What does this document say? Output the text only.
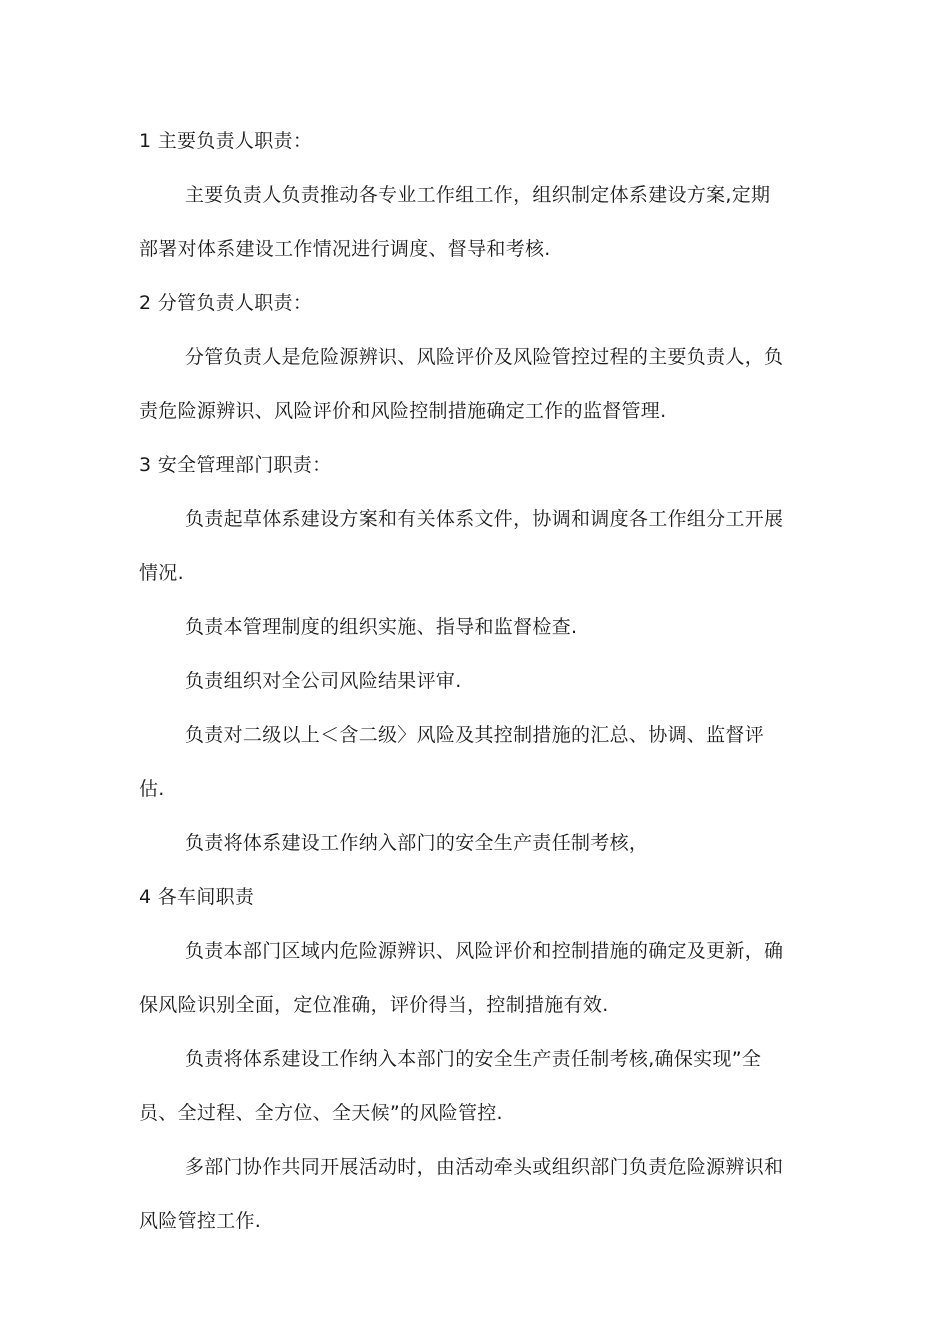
1 主要负责人职责：
主要负责人负责推动各专业工作组工作，组织制定体系建设方案,定期
部署对体系建设工作情况进行调度、督导和考核.
2 分管负责人职责：
分管负责人是危险源辨识、风险评价及风险管控过程的主要负责人，负
责危险源辨识、风险评价和风险控制措施确定工作的监督管理.
3 安全管理部门职责：
负责起草体系建设方案和有关体系文件，协调和调度各工作组分工开展
情况.
负责本管理制度的组织实施、指导和监督检查.
负责组织对全公司风险结果评审.
负责对二级以上＜含二级〉风险及其控制措施的汇总、协调、监督评
估.
负责将体系建设工作纳入部门的安全生产责任制考核，
4 各车间职责
负责本部门区域内危险源辨识、风险评价和控制措施的确定及更新，确
保风险识别全面，定位准确，评价得当，控制措施有效.
负责将体系建设工作纳入本部门的安全生产责任制考核,确保实现”全
员、全过程、全方位、全天候”的风险管控.
多部门协作共同开展活动时，由活动牵头或组织部门负责危险源辨识和
风险管控工作.
